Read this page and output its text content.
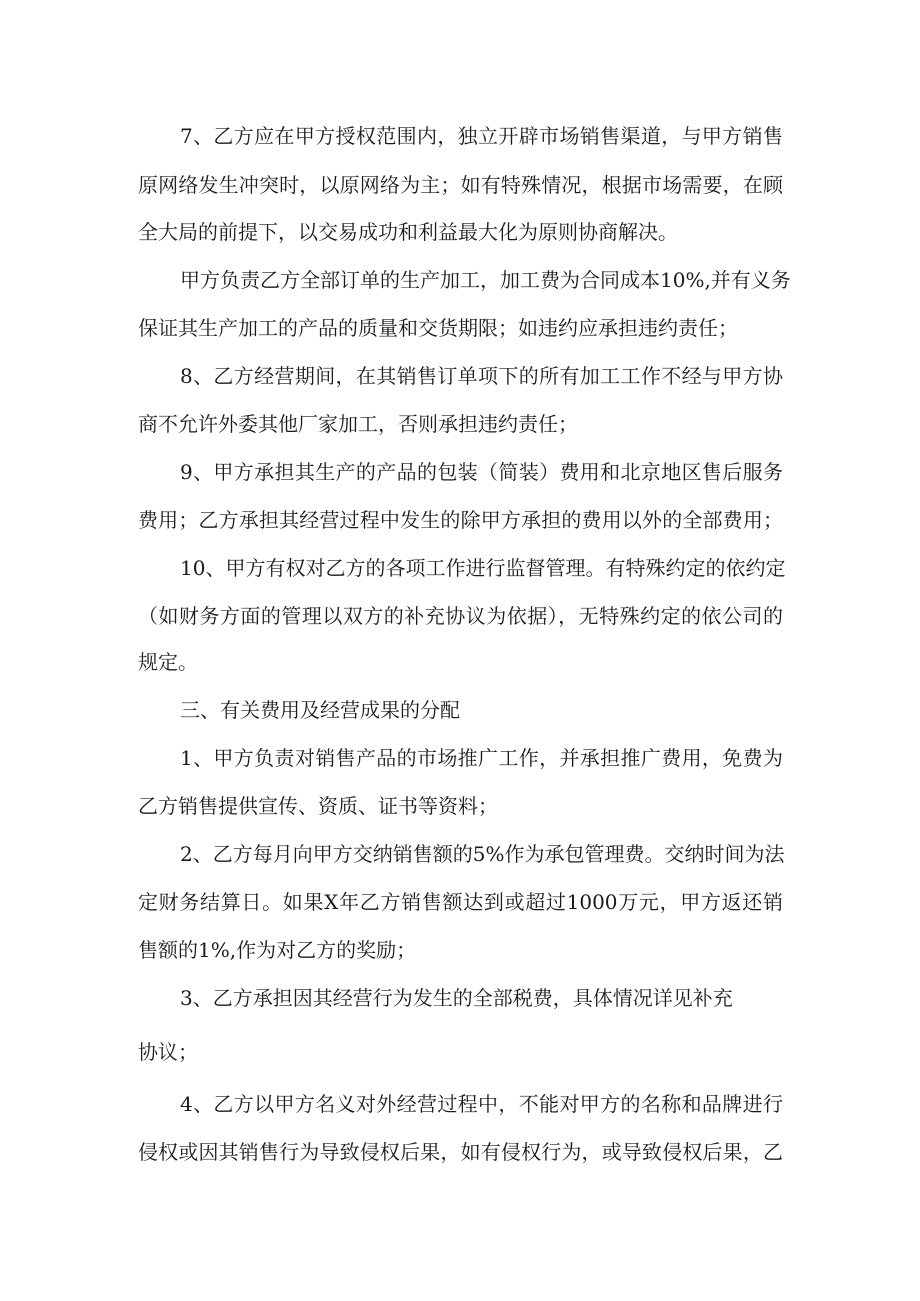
7、乙方应在甲方授权范围内，独立开辟市场销售渠道，与甲方销售

原网络发生冲突时，以原网络为主；如有特殊情况，根据市场需要，在顾

全大局的前提下，以交易成功和利益最大化为原则协商解决。

甲方负责乙方全部订单的生产加工，加工费为合同成本10%,并有义务

保证其生产加工的产品的质量和交货期限；如违约应承担违约责任；

8、乙方经营期间，在其销售订单项下的所有加工工作不经与甲方协

商不允许外委其他厂家加工，否则承担违约责任；

9、甲方承担其生产的产品的包装（简装）费用和北京地区售后服务

费用；乙方承担其经营过程中发生的除甲方承担的费用以外的全部费用；

10、甲方有权对乙方的各项工作进行监督管理。有特殊约定的依约定

（如财务方面的管理以双方的补充协议为依据），无特殊约定的依公司的

规定。

三、有关费用及经营成果的分配

1、甲方负责对销售产品的市场推广工作，并承担推广费用，免费为

乙方销售提供宣传、资质、证书等资料；

2、乙方每月向甲方交纳销售额的5%作为承包管理费。交纳时间为法

定财务结算日。如果X年乙方销售额达到或超过1000万元，甲方返还销

售额的1%,作为对乙方的奖励；

3、乙方承担因其经营行为发生的全部税费，具体情况详见补充

协议；

4、乙方以甲方名义对外经营过程中，不能对甲方的名称和品牌进行

侵权或因其销售行为导致侵权后果，如有侵权行为，或导致侵权后果，乙
